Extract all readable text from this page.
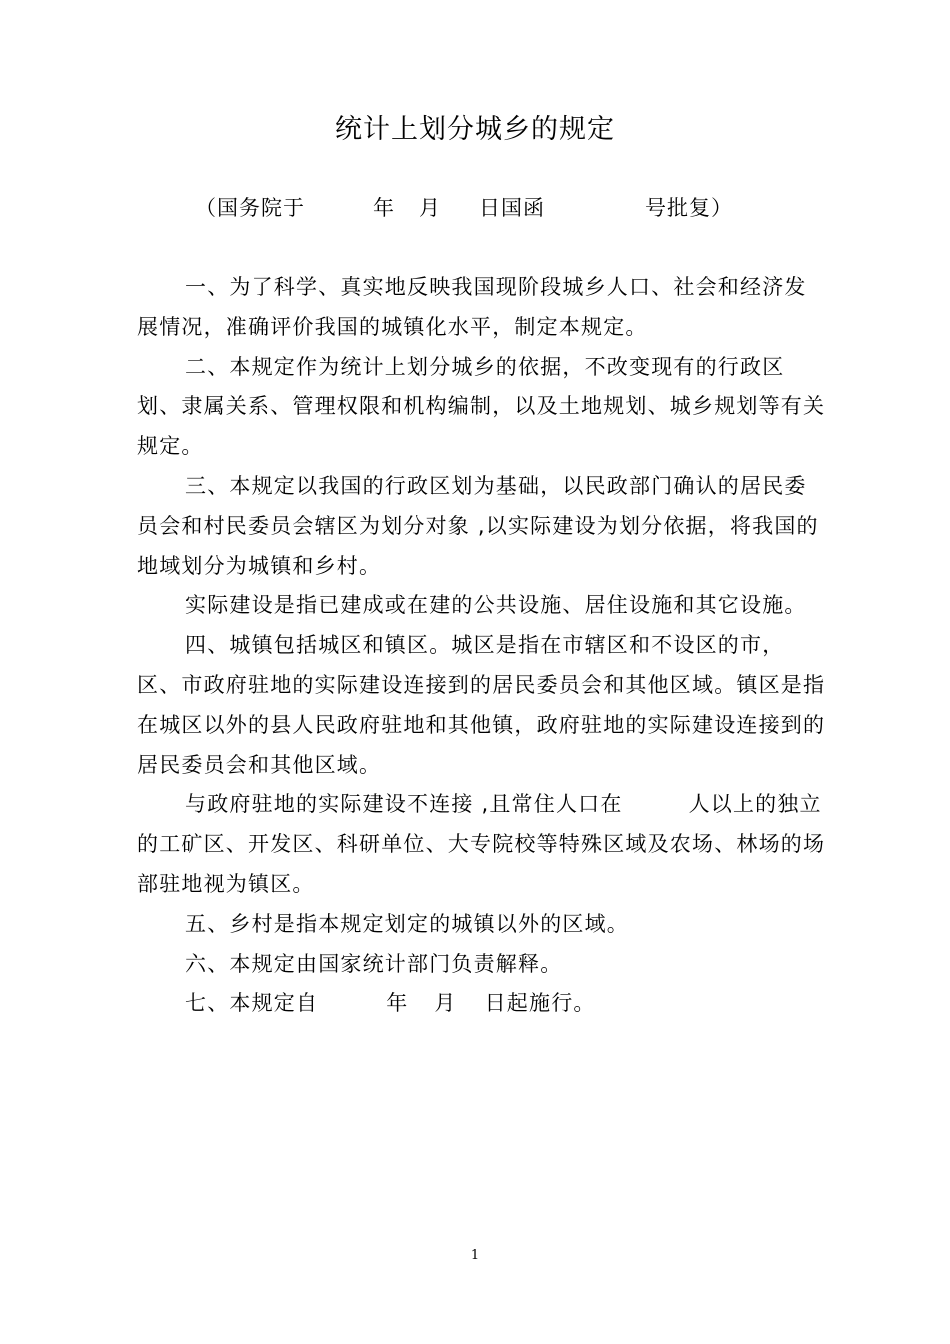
统计上划分城乡的规定
（国务院于	年 月 日国函	号批复）

一、为了科学、真实地反映我国现阶段城乡人口、社会和经济发展情况，准确评价我国的城镇化水平，制定本规定。

二、本规定作为统计上划分城乡的依据，不改变现有的行政区划、隶属关系、管理权限和机构编制，以及土地规划、城乡规划等有关规定。

三、本规定以我国的行政区划为基础，以民政部门确认的居民委员会和村民委员会辖区为划分对象 ,以实际建设为划分依据，将我国的地域划分为城镇和乡村。

实际建设是指已建成或在建的公共设施、居住设施和其它设施。

四、城镇包括城区和镇区。城区是指在市辖区和不设区的市，区、市政府驻地的实际建设连接到的居民委员会和其他区域。镇区是指在城区以外的县人民政府驻地和其他镇，政府驻地的实际建设连接到的居民委员会和其他区域。

与政府驻地的实际建设不连接 ,且常住人口在	人以上的独立的工矿区、开发区、科研单位、大专院校等特殊区域及农场、林场的场部驻地视为镇区。

五、乡村是指本规定划定的城镇以外的区域。

六、本规定由国家统计部门负责解释。

七、本规定自	年 月 日起施行。

1
